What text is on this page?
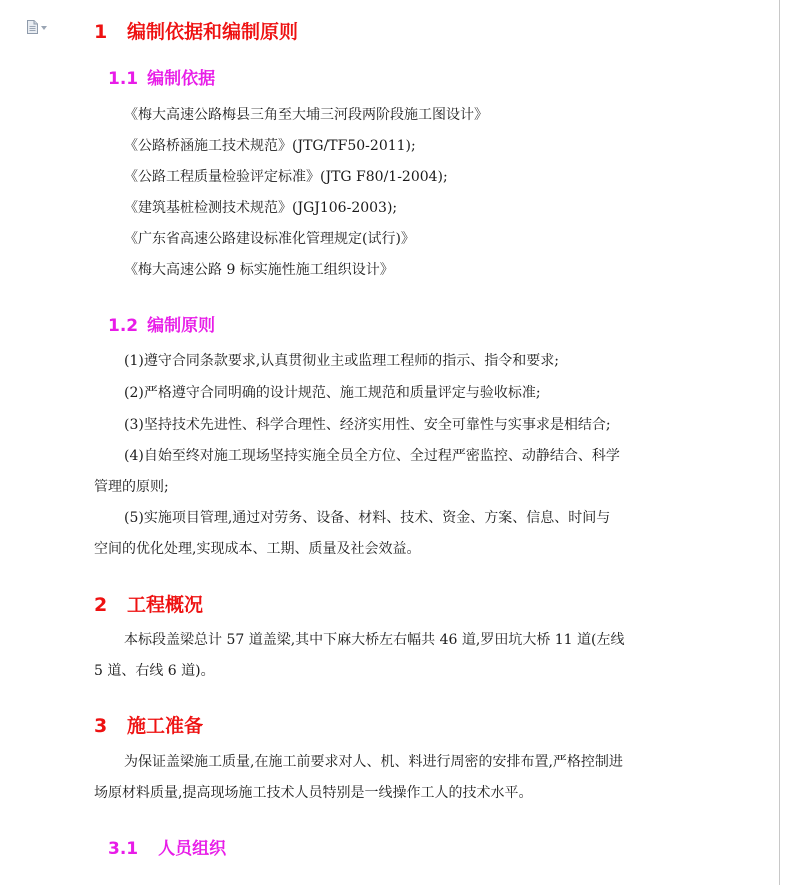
1 编制依据和编制原则
1.1 编制依据
《梅大高速公路梅县三角至大埔三河段两阶段施工图设计》
《公路桥涵施工技术规范》(JTG/TF50-2011);
《公路工程质量检验评定标准》(JTG F80/1-2004);
《建筑基桩检测技术规范》(JGJ106-2003);
《广东省高速公路建设标准化管理规定(试行)》
《梅大高速公路 9 标实施性施工组织设计》
1.2 编制原则
(1)遵守合同条款要求,认真贯彻业主或监理工程师的指示、指令和要求;
(2)严格遵守合同明确的设计规范、施工规范和质量评定与验收标准;
(3)坚持技术先进性、科学合理性、经济实用性、安全可靠性与实事求是相结合;
(4)自始至终对施工现场坚持实施全员全方位、全过程严密监控、动静结合、科学
管理的原则;
(5)实施项目管理,通过对劳务、设备、材料、技术、资金、方案、信息、时间与
空间的优化处理,实现成本、工期、质量及社会效益。
2 工程概况
本标段盖梁总计 57 道盖梁,其中下麻大桥左右幅共 46 道,罗田坑大桥 11 道(左线
5 道、右线 6 道)。
3 施工准备
为保证盖梁施工质量,在施工前要求对人、机、料进行周密的安排布置,严格控制进
场原材料质量,提高现场施工技术人员特别是一线操作工人的技术水平。
3.1 人员组织
